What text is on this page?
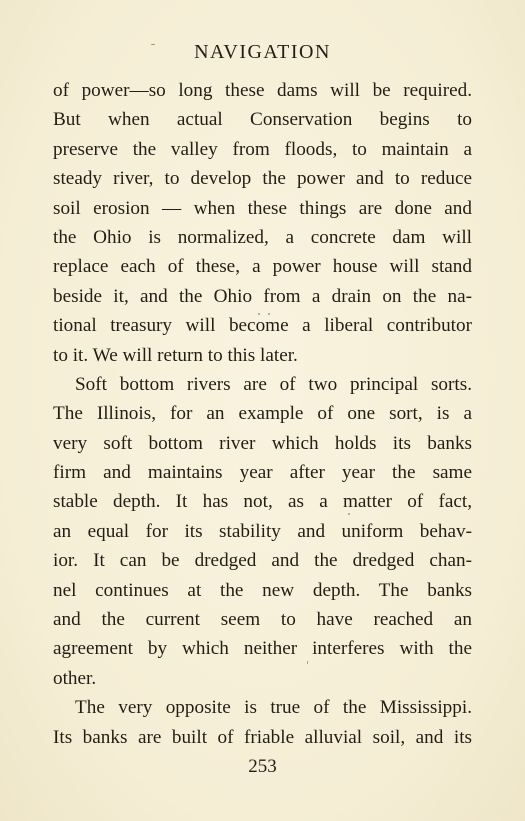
NAVIGATION
of power—so long these dams will be required.
But when actual Conservation begins to
preserve the valley from floods, to maintain a
steady river, to develop the power and to reduce
soil erosion — when these things are done and
the Ohio is normalized, a concrete dam will
replace each of these, a power house will stand
beside it, and the Ohio from a drain on the na-
tional treasury will become a liberal contributor
to it. We will return to this later.
Soft bottom rivers are of two principal sorts.
The Illinois, for an example of one sort, is a
very soft bottom river which holds its banks
firm and maintains year after year the same
stable depth. It has not, as a matter of fact,
an equal for its stability and uniform behav-
ior. It can be dredged and the dredged chan-
nel continues at the new depth. The banks
and the current seem to have reached an
agreement by which neither interferes with the
other.
The very opposite is true of the Mississippi.
Its banks are built of friable alluvial soil, and its
253
